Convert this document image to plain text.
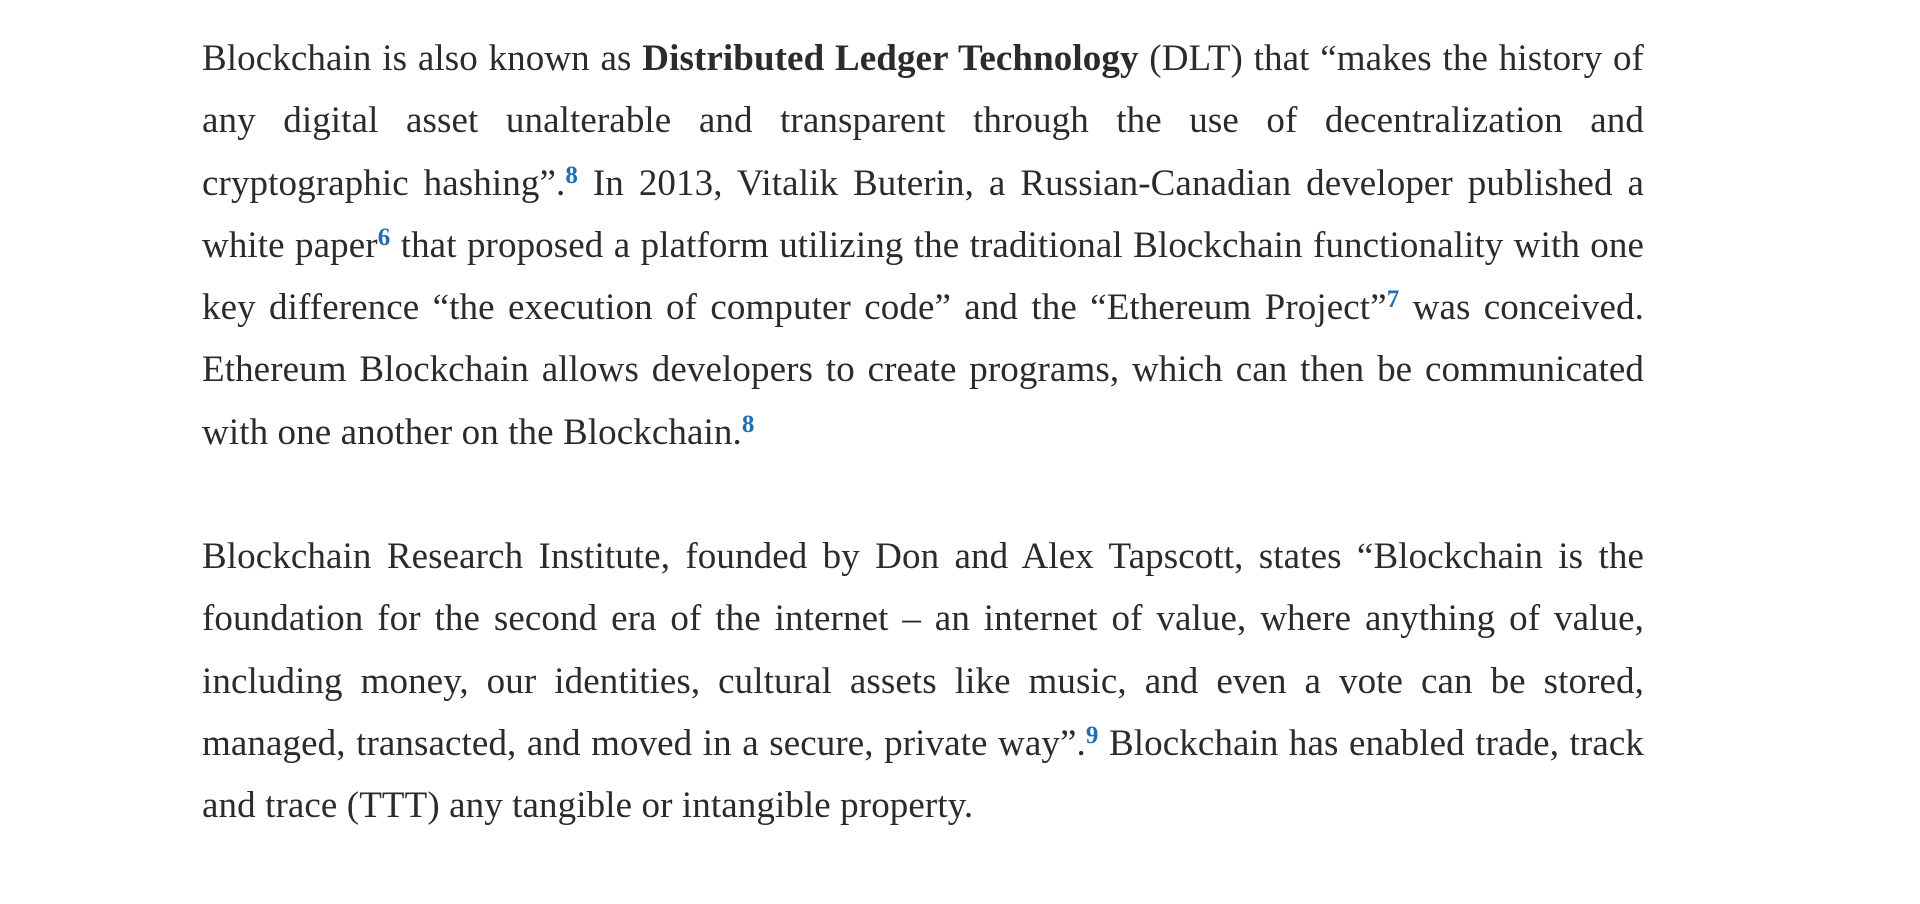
Blockchain is also known as Distributed Ledger Technology (DLT) that “makes the history of any digital asset unalterable and transparent through the use of decentralization and cryptographic hashing”.$^8$ In 2013, Vitalik Buterin, a Russian-Canadian developer published a white paper$^6$ that proposed a platform utilizing the traditional Blockchain functionality with one key difference “the execution of computer code” and the “Ethereum Project”$^7$ was conceived. Ethereum Blockchain allows developers to create programs, which can then be communicated with one another on the Blockchain.$^8$

Blockchain Research Institute, founded by Don and Alex Tapscott, states “Blockchain is the foundation for the second era of the internet – an internet of value, where anything of value, including money, our identities, cultural assets like music, and even a vote can be stored, managed, transacted, and moved in a secure, private way”.$^9$ Blockchain has enabled trade, track and trace (TTT) any tangible or intangible property.
